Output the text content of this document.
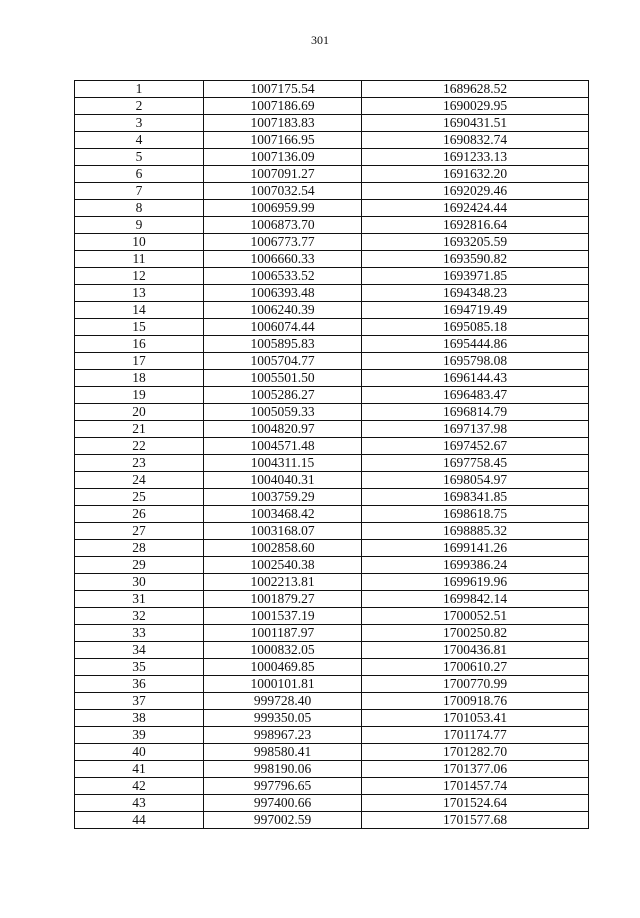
301
1	1007175.54	1689628.52
2	1007186.69	1690029.95
3	1007183.83	1690431.51
4	1007166.95	1690832.74
5	1007136.09	1691233.13
6	1007091.27	1691632.20
7	1007032.54	1692029.46
8	1006959.99	1692424.44
9	1006873.70	1692816.64
10	1006773.77	1693205.59
11	1006660.33	1693590.82
12	1006533.52	1693971.85
13	1006393.48	1694348.23
14	1006240.39	1694719.49
15	1006074.44	1695085.18
16	1005895.83	1695444.86
17	1005704.77	1695798.08
18	1005501.50	1696144.43
19	1005286.27	1696483.47
20	1005059.33	1696814.79
21	1004820.97	1697137.98
22	1004571.48	1697452.67
23	1004311.15	1697758.45
24	1004040.31	1698054.97
25	1003759.29	1698341.85
26	1003468.42	1698618.75
27	1003168.07	1698885.32
28	1002858.60	1699141.26
29	1002540.38	1699386.24
30	1002213.81	1699619.96
31	1001879.27	1699842.14
32	1001537.19	1700052.51
33	1001187.97	1700250.82
34	1000832.05	1700436.81
35	1000469.85	1700610.27
36	1000101.81	1700770.99
37	999728.40	1700918.76
38	999350.05	1701053.41
39	998967.23	1701174.77
40	998580.41	1701282.70
41	998190.06	1701377.06
42	997796.65	1701457.74
43	997400.66	1701524.64
44	997002.59	1701577.68
